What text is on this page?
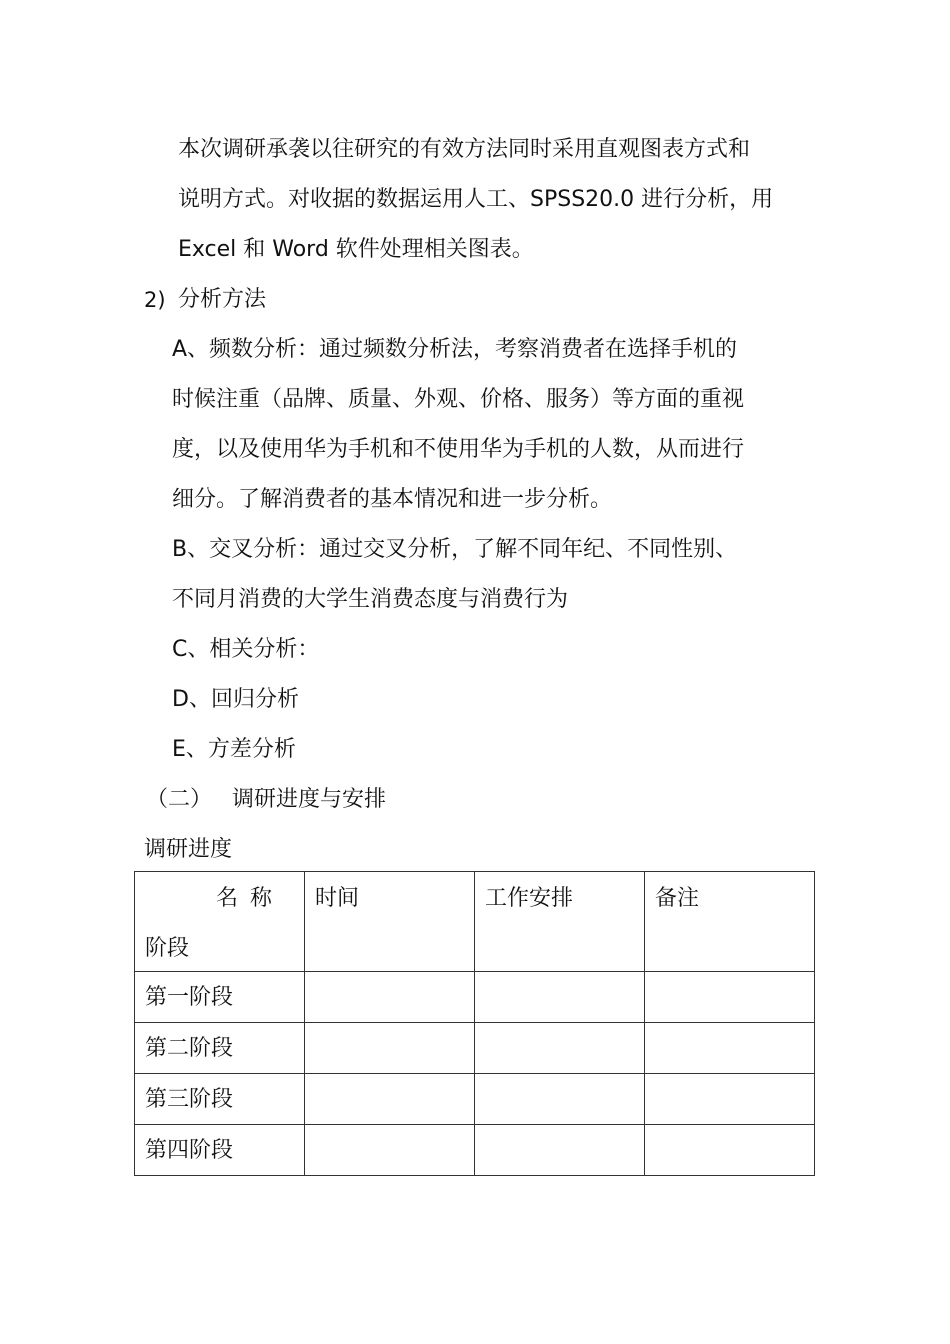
本次调研承袭以往研究的有效方法同时采用直观图表方式和
说明方式。对收据的数据运用人工、SPSS20.0 进行分析，用
Excel 和 Word 软件处理相关图表。
2) 分析方法
A、频数分析：通过频数分析法，考察消费者在选择手机的
时候注重（品牌、质量、外观、价格、服务）等方面的重视
度，以及使用华为手机和不使用华为手机的人数，从而进行
细分。了解消费者的基本情况和进一步分析。
B、交叉分析：通过交叉分析，了解不同年纪、不同性别、
不同月消费的大学生消费态度与消费行为
C、相关分析：
D、回归分析
E、方差分析
（二） 调研进度与安排
调研进度
名称
阶段	时间	工作安排	备注
第一阶段			
第二阶段			
第三阶段			
第四阶段			
